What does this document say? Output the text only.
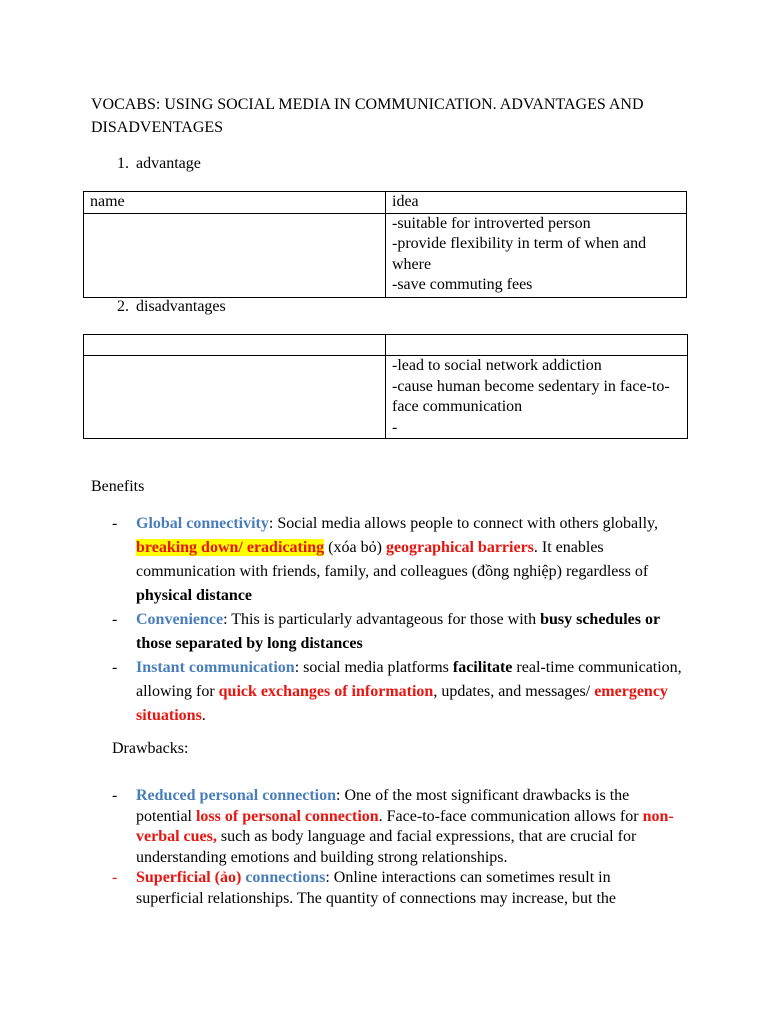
VOCABS: USING SOCIAL MEDIA IN COMMUNICATION. ADVANTAGES AND DISADVENTAGES
1. advantage
name	idea

	-suitable for introverted person
-provide flexibility in term of when and where
-save commuting fees
2. disadvantages

	-lead to social network addiction
-cause human become sedentary in face-to-face communication
-
Benefits
- Global connectivity: Social media allows people to connect with others globally, breaking down/ eradicating (xóa bỏ) geographical barriers. It enables communication with friends, family, and colleagues (đồng nghiệp) regardless of physical distance
- Convenience: This is particularly advantageous for those with busy schedules or those separated by long distances
- Instant communication: social media platforms facilitate real-time communication, allowing for quick exchanges of information, updates, and messages/ emergency situations.
Drawbacks:
- Reduced personal connection: One of the most significant drawbacks is the potential loss of personal connection. Face-to-face communication allows for non-verbal cues, such as body language and facial expressions, that are crucial for understanding emotions and building strong relationships.
- Superficial (ảo) connections: Online interactions can sometimes result in superficial relationships. The quantity of connections may increase, but the
